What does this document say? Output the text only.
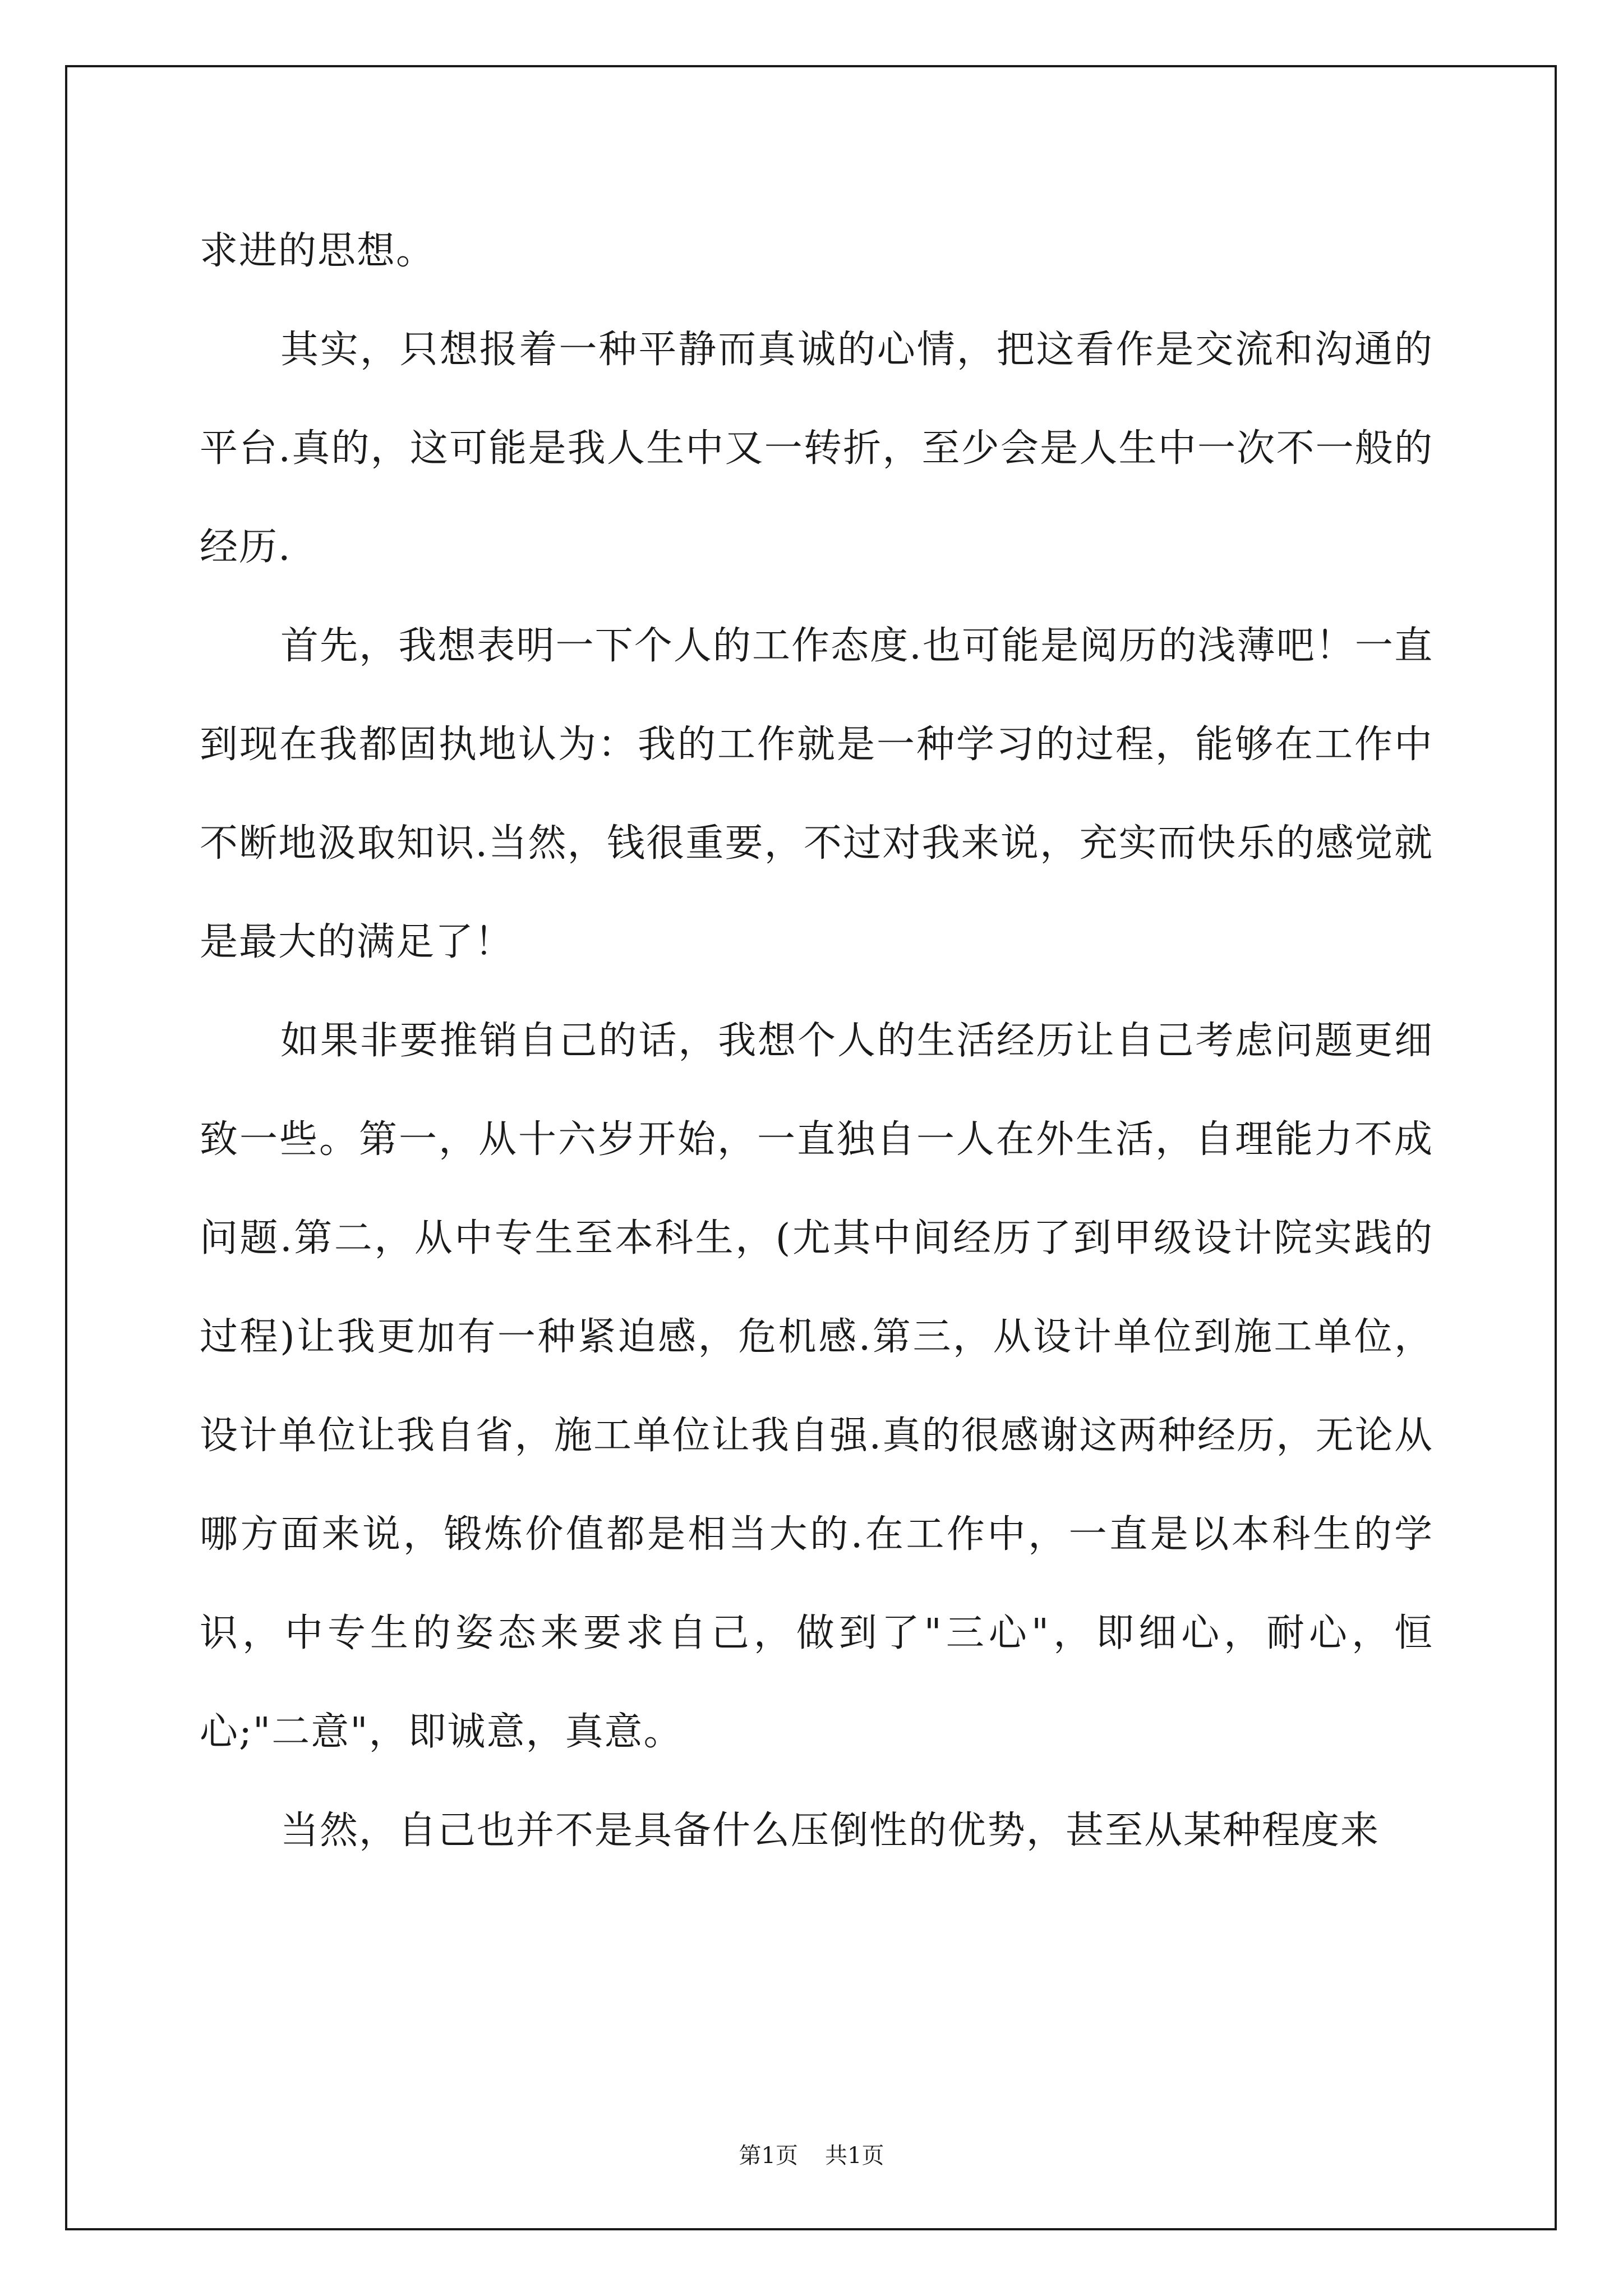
求进的思想。

其实，只想报着一种平静而真诚的心情，把这看作是交流和沟通的平台.真的，这可能是我人生中又一转折，至少会是人生中一次不一般的经历.

首先，我想表明一下个人的工作态度.也可能是阅历的浅薄吧！一直到现在我都固执地认为：我的工作就是一种学习的过程，能够在工作中不断地汲取知识.当然，钱很重要，不过对我来说，充实而快乐的感觉就是最大的满足了！

如果非要推销自己的话，我想个人的生活经历让自己考虑问题更细致一些。第一，从十六岁开始，一直独自一人在外生活，自理能力不成问题.第二，从中专生至本科生，(尤其中间经历了到甲级设计院实践的过程)让我更加有一种紧迫感，危机感.第三，从设计单位到施工单位，设计单位让我自省，施工单位让我自强.真的很感谢这两种经历，无论从哪方面来说，锻炼价值都是相当大的.在工作中，一直是以本科生的学识，中专生的姿态来要求自己，做到了"三心"，即细心，耐心，恒心;"二意"，即诚意，真意。

当然，自己也并不是具备什么压倒性的优势，甚至从某种程度来

第1页 共1页
